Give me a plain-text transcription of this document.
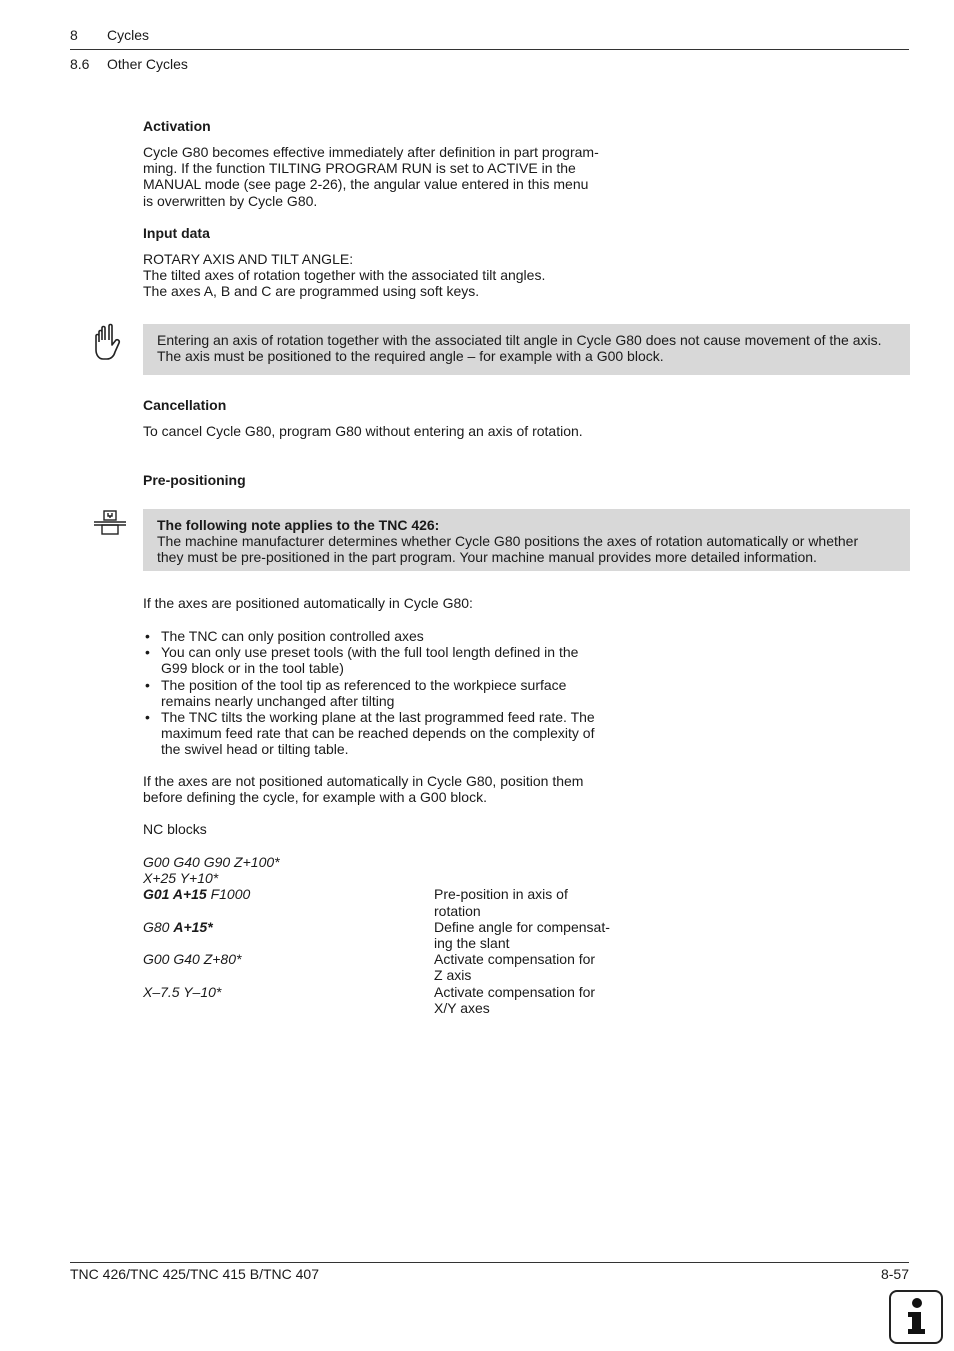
8 Cycles
8.6 Other Cycles
Activation
Cycle G80 becomes effective immediately after definition in part program-
ming. If the function TILTING PROGRAM RUN is set to ACTIVE in the
MANUAL mode (see page 2-26), the angular value entered in this menu
is overwritten by Cycle G80.
Input data
ROTARY AXIS AND TILT ANGLE:
The tilted axes of rotation together with the associated tilt angles.
The axes A, B and C are programmed using soft keys.
Entering an axis of rotation together with the associated tilt angle in Cycle G80 does not cause movement of the axis.
The axis must be positioned to the required angle – for example with a G00 block.
Cancellation
To cancel Cycle G80, program G80 without entering an axis of rotation.
Pre-positioning
The following note applies to the TNC 426:
The machine manufacturer determines whether Cycle G80 positions the axes of rotation automatically or whether
they must be pre-positioned in the part program. Your machine manual provides more detailed information.
If the axes are positioned automatically in Cycle G80:
• The TNC can only position controlled axes
• You can only use preset tools (with the full tool length defined in the
G99 block or in the tool table)
• The position of the tool tip as referenced to the workpiece surface
remains nearly unchanged after tilting
• The TNC tilts the working plane at the last programmed feed rate. The
maximum feed rate that can be reached depends on the complexity of
the swivel head or tilting table.
If the axes are not positioned automatically in Cycle G80, position them
before defining the cycle, for example with a G00 block.
NC blocks
G00 G40 G90 Z+100*
X+25 Y+10*
G01 A+15 F1000	Pre-position in axis of
rotation
G80 A+15*	Define angle for compensat-
ing the slant
G00 G40 Z+80*	Activate compensation for
Z axis
X–7.5 Y–10*	Activate compensation for
X/Y axes
TNC 426/TNC 425/TNC 415 B/TNC 407	8-57
